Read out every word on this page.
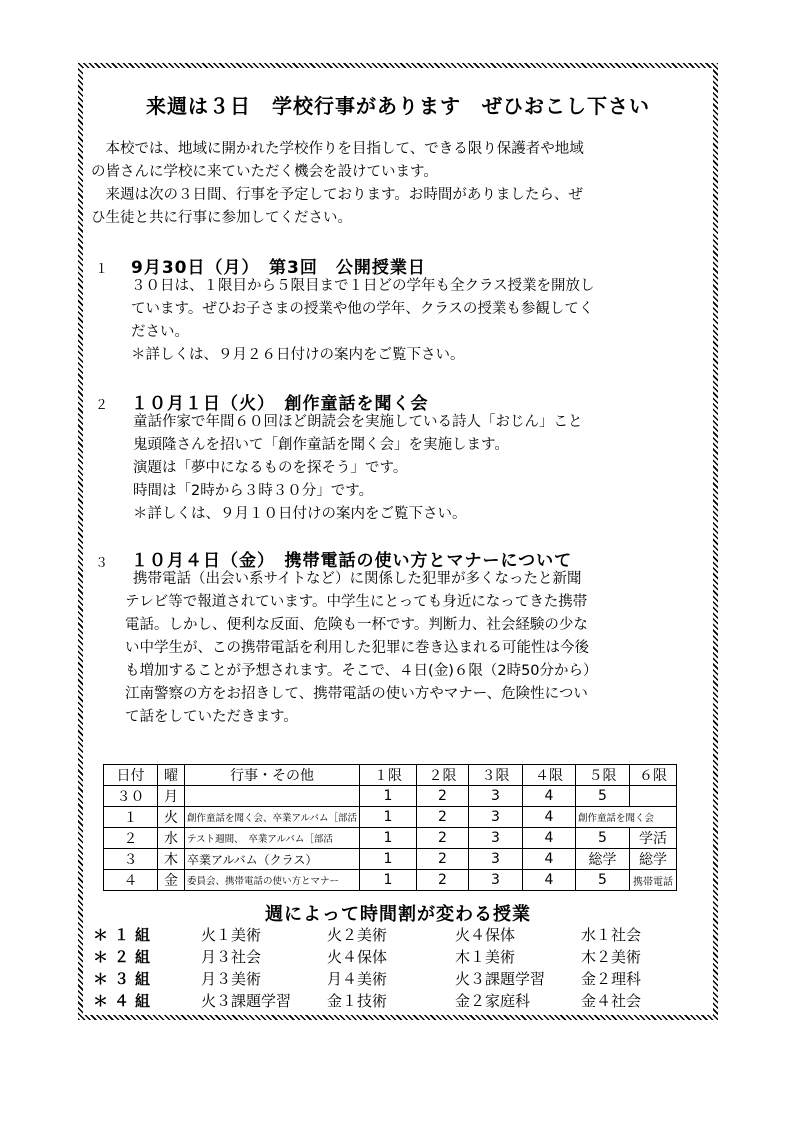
来週は３日　学校行事があります　ぜひおこし下さい
　本校では、地域に開かれた学校作りを目指して、できる限り保護者や地域
の皆さんに学校に来ていただく機会を設けています。
　来週は次の３日間、行事を予定しております。お時間がありましたら、ぜ
ひ生徒と共に行事に参加してください。
１ 9月30日（月）　第3回　公開授業日
３０日は、１限目から５限目まで１日どの学年も全クラス授業を開放し
ています。ぜひお子さまの授業や他の学年、クラスの授業も参観してく
ださい。
＊詳しくは、９月２６日付けの案内をご覧下さい。
２ １０月１日（火）　創作童話を聞く会
童話作家で年間６０回ほど朗読会を実施している詩人「おじん」こと
鬼頭隆さんを招いて「創作童話を聞く会」を実施します。
演題は「夢中になるものを探そう」です。
時間は「2時から３時３０分」です。
＊詳しくは、９月１０日付けの案内をご覧下さい。
３ １０月４日（金）　携帯電話の使い方とマナーについて
携帯電話（出会い系サイトなど）に関係した犯罪が多くなったと新聞
テレビ等で報道されています。中学生にとっても身近になってきた携帯
電話。しかし、便利な反面、危険も一杯です。判断力、社会経験の少な
い中学生が、この携帯電話を利用した犯罪に巻き込まれる可能性は今後
も増加することが予想されます。そこで、４日(金)６限（2時50分から）
江南警察の方をお招きして、携帯電話の使い方やマナー、危険性につい
て話をしていただきます。
日付	曜	行事・その他	１限	２限	３限	４限	５限	６限
３０	月		1	2	3	4	5	
１	火	創作童話を聞く会、卒業アルバム［部活	1	2	3	4	創作童話を聞く会	
２	水	テスト週間、　卒業アルバム［部活	1	2	3	4	5	学活
３	木	卒業アルバム（クラス）	1	2	3	4	総学	総学
４	金	委員会、携帯電話の使い方とマナー	1	2	3	4	5	携帯電話
週によって時間割が変わる授業
＊１組	火１美術	火２美術	火４保体	水１社会
＊２組	月３社会	火４保体	木１美術	木２美術
＊３組	月３美術	月４美術	火３課題学習 金２理科
＊４組	火３課題学習 金１技術	金２家庭科	金４社会
